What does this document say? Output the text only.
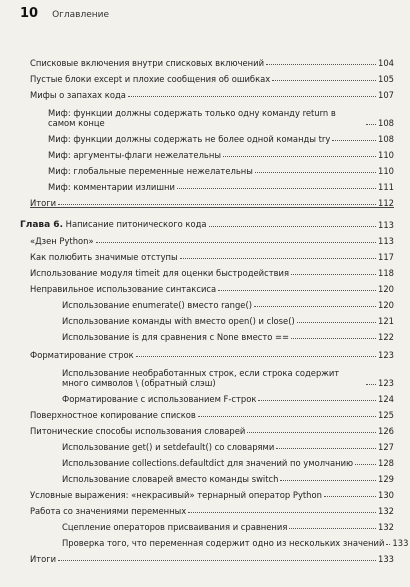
10 Оглавление
Списковые включения внутри списковых включений	104
Пустые блоки except и плохие сообщения об ошибках	105
Мифы о запахах кода	107
Миф: функции должны содержать только одну команду return в самом конце	108
Миф: функции должны содержать не более одной команды try	108
Миф: аргументы-флаги нежелательны	110
Миф: глобальные переменные нежелательны	110
Миф: комментарии излишни	111
Итоги	112
Глава 6. Написание питонического кода	113
«Дзен Python»	113
Как полюбить значимые отступы	117
Использование модуля timeit для оценки быстродействия	118
Неправильное использование синтаксиса	120
Использование enumerate() вместо range()	120
Использование команды with вместо open() и close()	121
Использование is для сравнения с None вместо ==	122
Форматирование строк	123
Использование необработанных строк, если строка содержит много символов \ (обратный слэш)	123
Форматирование с использованием F-строк	124
Поверхностное копирование списков	125
Питонические способы использования словарей	126
Использование get() и setdefault() со словарями	127
Использование collections.defaultdict для значений по умолчанию	128
Использование словарей вместо команды switch	129
Условные выражения: «некрасивый» тернарный оператор Python	130
Работа со значениями переменных	132
Сцепление операторов присваивания и сравнения	132
Проверка того, что переменная содержит одно из нескольких значений 133
Итоги	133
